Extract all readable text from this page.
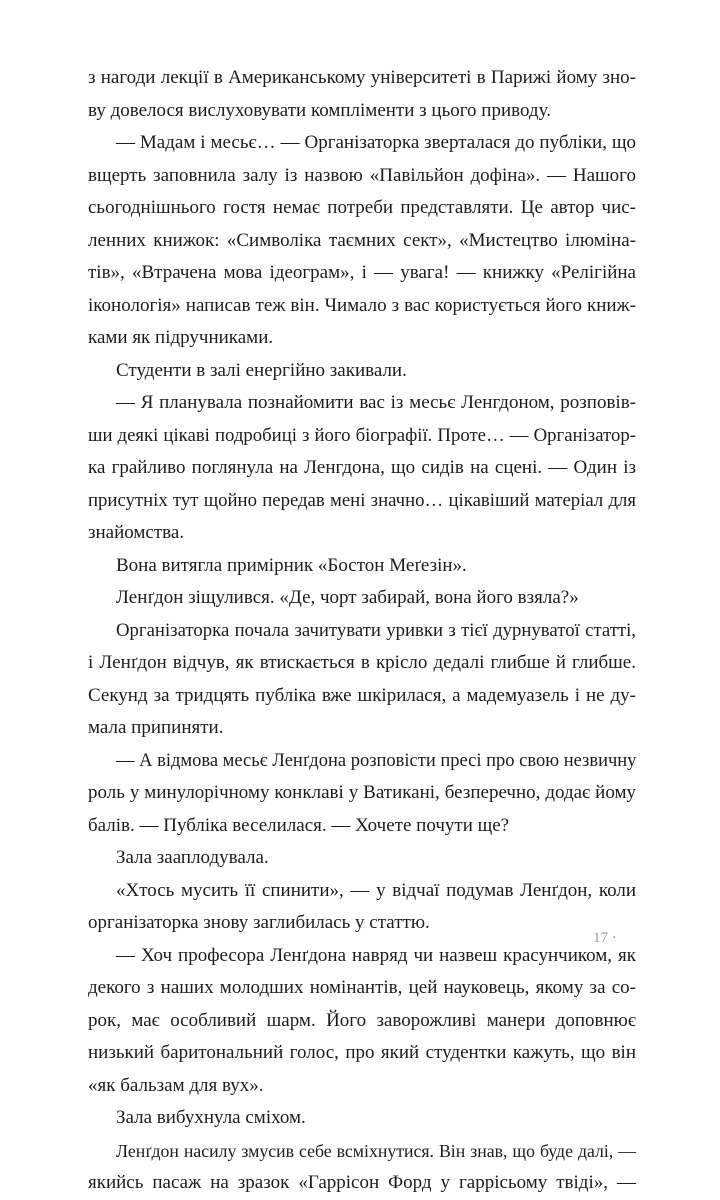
з нагоди лекції в Американському університеті в Парижі йому зно-
ву довелося вислуховувати компліменти з цього приводу.
— Мадам і месьє… — Організаторка зверталася до публіки, що
вщерть заповнила залу із назвою «Павільйон дофіна». — Нашого
сьогоднішнього гостя немає потреби представляти. Це автор чис-
ленних книжок: «Символіка таємних сект», «Мистецтво ілюміна-
тів», «Втрачена мова ідеограм», і — увага! — книжку «Релігійна
іконологія» написав теж він. Чимало з вас користується його книж-
ками як підручниками.
Студенти в залі енергійно закивали.
— Я планувала познайомити вас із месьє Ленгдоном, розповів-
ши деякі цікаві подробиці з його біографії. Проте… — Організатор-
ка грайливо поглянула на Ленгдона, що сидів на сцені. — Один із
присутніх тут щойно передав мені значно… цікавіший матеріал для
знайомства.
Вона витягла примірник «Бостон Меґезін».
Ленґдон зіщулився. «Де, чорт забирай, вона його взяла?»
Організаторка почала зачитувати уривки з тієї дурнуватої статті,
і Ленґдон відчув, як втискається в крісло дедалі глибше й глибше.
Секунд за тридцять публіка вже шкірилася, а мадемуазель і не ду-
мала припиняти.
— А відмова месьє Ленґдона розповісти пресі про свою незвичну
роль у минулорічному конклаві у Ватикані, безперечно, додає йому
балів. — Публіка веселилася. — Хочете почути ще?
Зала зааплодувала.
«Хтось мусить її спинити», — у відчаї подумав Ленґдон, коли
організаторка знову заглибилась у статтю.
— Хоч професора Ленґдона навряд чи назвеш красунчиком, як
декого з наших молодших номінантів, цей науковець, якому за со-
рок, має особливий шарм. Його заворожливі манери доповнює
низький баритональний голос, про який студентки кажуть, що він
«як бальзам для вух».
Зала вибухнула сміхом.
Ленґдон насилу змусив себе всміхнутися. Він знав, що буде далі, —
якийсь пасаж на зразок «Гаррісон Форд у гаррісьому твіді», —
17 ·
